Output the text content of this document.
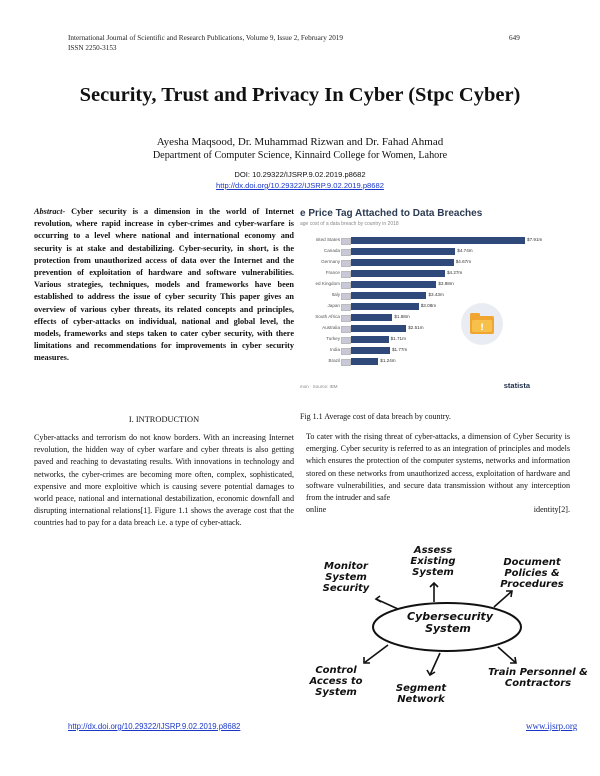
International Journal of Scientific and Research Publications, Volume 9, Issue 2, February 2019
ISSN 2250-3153
649
Security, Trust and Privacy In Cyber (Stpc Cyber)
Ayesha Maqsood, Dr. Muhammad Rizwan and Dr. Fahad Ahmad
Department of Computer Science, Kinnaird College for Women, Lahore
DOI: 10.29322/IJSRP.9.02.2019.p8682
http://dx.doi.org/10.29322/IJSRP.9.02.2019.p8682
Abstract- Cyber security is a dimension in the world of Internet revolution, where rapid increase in cyber-crimes and cyber-warfare is occurring to a level where national and international economy and security is at stake and destabilizing. Cyber-security, in short, is the protection from unauthorized access of data over the Internet and the prevention of exploitation of hardware and software vulnerabilities. Various strategies, techniques, models and frameworks have been established to address the issue of cyber security This paper gives an overview of various cyber threats, its related concepts and principles, effects of cyber-attacks on individual, national and global level, the models, frameworks and steps taken to cater cyber security, with there limitations and recommendations for improvements in cyber security measures.
e Price Tag Attached to Data Breaches
age cost of a data breach by country in 2018
nited States	$7.91m
Canada	$4.74m
Germany	$4.67m
France	$4.27m
ed Kingdom	$3.88m
Italy	$3.43m
Japan	$3.08m
South Africa	$1.88m
Australia	$2.51m
Turkey	$1.71m
India	$1.77m
Brazil	$1.24m
!
mon · Source: IBM	statista
Fig 1.1 Average cost of data breach by country.
I. INTRODUCTION
Cyber-attacks and terrorism do not know borders. With an increasing Internet revolution, the hidden way of cyber warfare and cyber threats is also getting paved and reaching to devastating results. With innovations in technology and networks, the cyber-crimes are becoming more often, complex, sophisticated, expensive and more exploitive which is causing severe potential damages to world peace, national and international destabilization, economic downfall and disrupting international relations[1]. Figure 1.1 shows the average cost that the countries had to pay for a data breach i.e. a type of cyber-attack.
To cater with the rising threat of cyber-attacks, a dimension of Cyber Security is emerging. Cyber security is referred to as an integration of principles and models which ensures the protection of the computer systems, networks and information stored on these networks from unauthorized access, exploitation of hardware and software vulnerabilities, and secure data transmission without any interception from the intruder and safe
online	identity[2].
Cybersecurity System
Monitor System Security
Assess Existing System
Document Policies & Procedures
Control Access to System	Segment Network
Train Personnel & Contractors
http://dx.doi.org/10.29322/IJSRP.9.02.2019.p8682	www.ijsrp.org
